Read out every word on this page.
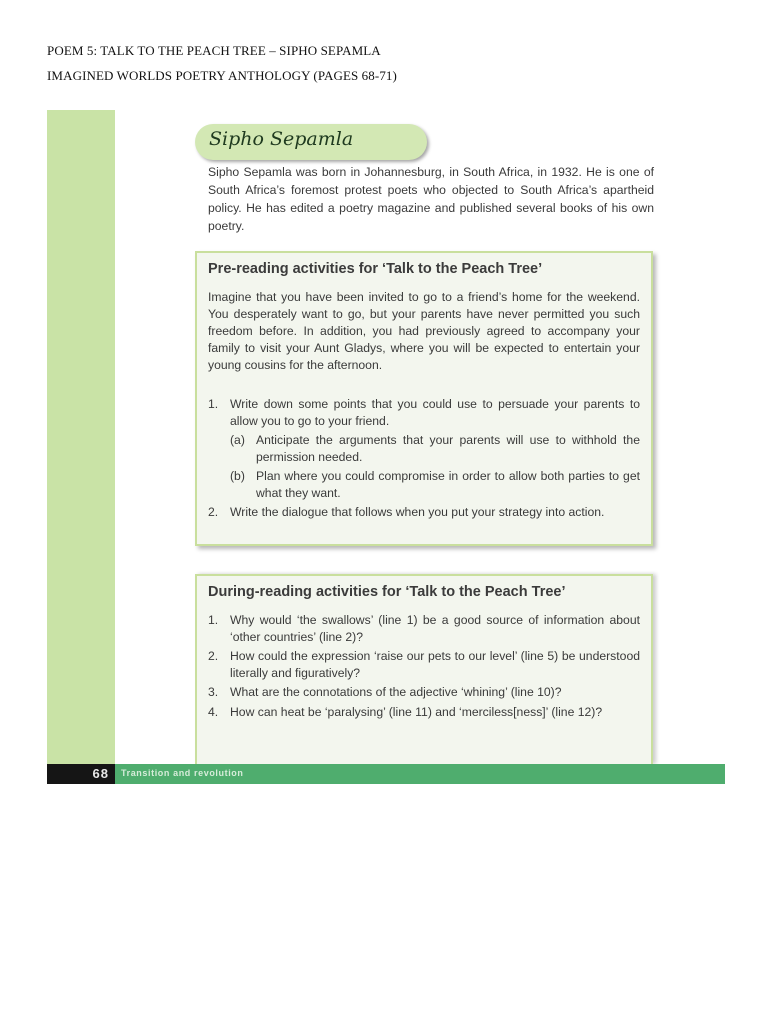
POEM 5: TALK TO THE PEACH TREE – SIPHO SEPAMLA
IMAGINED WORLDS POETRY ANTHOLOGY (PAGES 68-71)
Sipho Sepamla

Sipho Sepamla was born in Johannesburg, in South Africa, in 1932. He is one of South Africa’s foremost protest poets who objected to South Africa’s apartheid policy. He has edited a poetry magazine and published several books of his own poetry.

Pre-reading activities for ‘Talk to the Peach Tree’

Imagine that you have been invited to go to a friend’s home for the weekend. You desperately want to go, but your parents have never permitted you such freedom before. In addition, you had previously agreed to accompany your family to visit your Aunt Gladys, where you will be expected to entertain your young cousins for the afternoon.

1. Write down some points that you could use to persuade your parents to allow you to go to your friend.
(a) Anticipate the arguments that your parents will use to withhold the permission needed.
(b) Plan where you could compromise in order to allow both parties to get what they want.
2. Write the dialogue that follows when you put your strategy into action.
During-reading activities for ‘Talk to the Peach Tree’
1. Why would ‘the swallows’ (line 1) be a good source of information about ‘other countries’ (line 2)?
2. How could the expression ‘raise our pets to our level’ (line 5) be understood literally and figuratively?
3. What are the connotations of the adjective ‘whining’ (line 10)?
4. How can heat be ‘paralysing’ (line 11) and ‘merciless[ness]’ (line 12)?
68 Transition and revolution
